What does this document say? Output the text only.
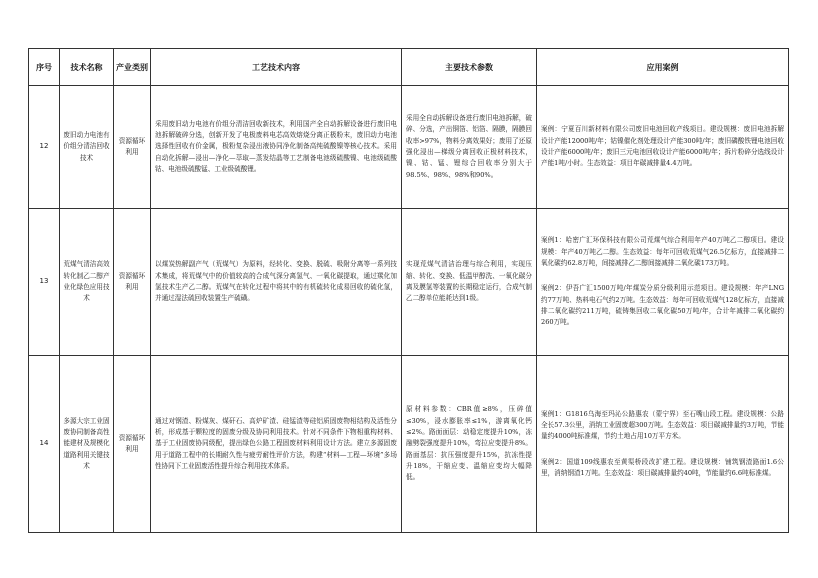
序号	技术名称	产业类别	工艺技术内容	主要技术参数	应用案例
12	废旧动力电池有价组分清洁回收技术	资源循环利用	采用废旧动力电池有价组分清洁回收新技术，利用国产全自动拆解设备进行废旧电池拆解破碎分选，创新开发了电极废料电芯高效熔烧分离正极粉末，废旧动力电池选择性回收有价金属，极粉复杂浸出液协同净化制备高纯硫酸镍等核心技术。采用自动化拆解—浸出—净化—萃取—蒸发结晶等工艺制备电池级硫酸镍、电池级硫酸钴、电池级硫酸锰、工业级硫酸锂。	采用全自动拆解设备进行废旧电池拆解，破碎、分选，产出铜箔、铝箔、隔膜，隔膜回收率>97%，物料分离效果好；废用了还原强化浸出—梯级分离回收正极材料技术，镍、钴、锰、锂综合回收率分别大于98.5%、98%、98%和90%。	案例：宁夏百川新材料有限公司废旧电池回收产线项目。建设规模：废旧电池拆解设计产能12000吨/年；钴镍催化剂处理设计产能300吨/年；废旧磷酸铁锂电池回收设计产能6000吨/年；废旧三元电池回收设计产能6000吨/年；拆片粉碎分选线设计产能1吨/小时。生态效益：项目年碳减排量4.4万吨。

13	荒煤气清洁高效转化制乙二醇产业化绿色应用技术	资源循环利用	以煤炭热解副产气（荒煤气）为原料，经转化、变换、脱硫、吸附分离等一系列技术集成，将荒煤气中的价值较高的合成气深分离氢气、一氧化碳提取，通过羰化加氢技术生产乙二醇。荒煤气在转化过程中将其中的有机硫转化成易回收的硫化氢，并通过湿法硫回收装置生产硫磺。	实现荒煤气清洁治理与综合利用，实现压缩、转化、变换、低温甲醇洗、一氧化碳分离及膜氢等装置的长期稳定运行，合成气制乙二醇单位能耗达到1级。	案例1：哈密广汇环保科技有限公司荒煤气综合利用年产40万吨乙二醇项目。建设规模：年产40万吨乙二醇。生态效益：每年可回收荒煤气26.5亿标方，直接减排二氧化碳约62.8万吨，间接减排乙二醇间接减排二氧化碳173万吨。

案例2：伊吾广汇1500万吨/年煤炭分质分级利用示范项目。建设规模：年产LNG约77万吨、热料电石气约2万吨。生态效益：每年可回收荒煤气128亿标方，直接减排二氧化碳约211万吨，硫铸集回收二氧化碳50万吨/年，合计年减排二氧化碳约260万吨。

14	多源大宗工业固废协同制备高性能建材及规模化道路利用关键技术	资源循环利用	通过对钢渣、粉煤灰、煤矸石、高炉矿渣、硅锰渣等硅铝质固废物相结构及活性分析，形成基于颗粒度的固废分级及协同利用技术。针对不同条件下物相重构材料、基于工业固废协同级配，提出绿色公路工程固废材料利用设计方法。建立多源固废用于道路工程中的长期耐久性与疲劳耐性评价方法，构建“材料—工程—环境”多场性协同下工业固废活性提升综合利用技术体系。	原材料参数：CBR值≥8%，压碎值≤30%，浸水膨胀率≤1%，游离氧化钙≤2%。路面面层：动稳定度提升10%，冻融劈裂强度提升10%，弯拉应变提升8%。路面基层：抗压强度提升15%，抗冻性提升18%，干缩应变、温缩应变均大幅降低。	案例1：G1816乌海至玛沁公路惠农（蒙宁界）至石嘴山段工程。建设规模：公路全长57.3公里，消纳工业固废超300万吨。生态效益：项目碳减排量约3万吨，节能量约4000吨标准煤，节约土地占用10万平方米。

案例2：国道109线惠农至黄渠桥段改扩建工程。建设规模：铺筑钢渣路面1.6公里，消纳钢渣1万吨。生态效益：项目碳减排量约40吨，节能量约6.6吨标准煤。
